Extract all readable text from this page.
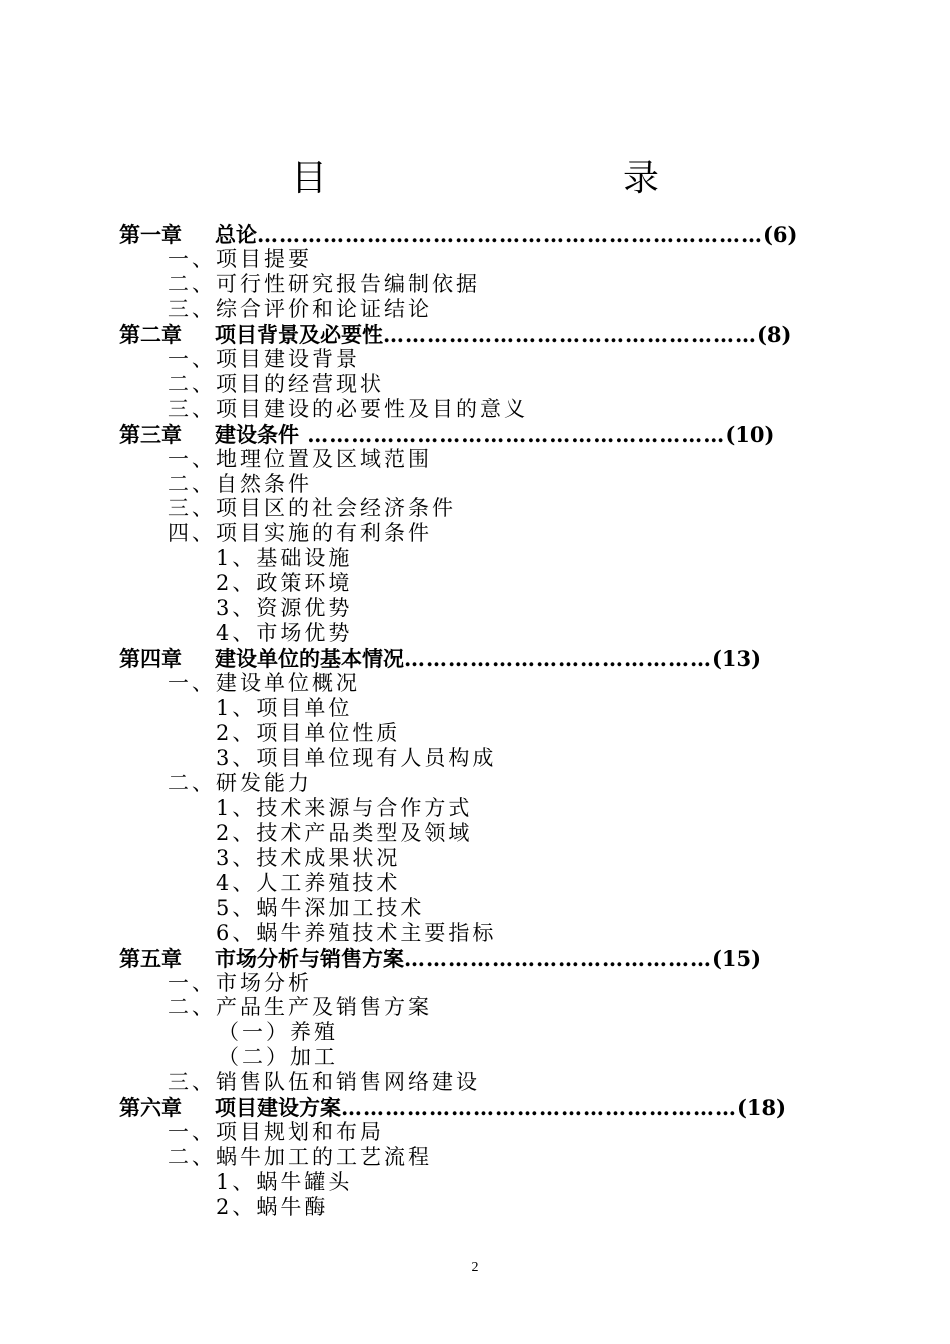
目　录
第一章 总论……………………………………………………………(6)
一、项目提要
二、可行性研究报告编制依据
三、综合评价和论证结论
第二章 项目背景及必要性……………………………………………(8)
一、项目建设背景
二、项目的经营现状
三、项目建设的必要性及目的意义
第三章 建设条件 …………………………………………………(10)
一、地理位置及区域范围
二、自然条件
三、项目区的社会经济条件
四、项目实施的有利条件
1、基础设施
2、政策环境
3、资源优势
4、市场优势
第四章 建设单位的基本情况……………………………………(13)
一、建设单位概况
1、项目单位
2、项目单位性质
3、项目单位现有人员构成
二、研发能力
1、技术来源与合作方式
2、技术产品类型及领域
3、技术成果状况
4、人工养殖技术
5、蜗牛深加工技术
6、蜗牛养殖技术主要指标
第五章 市场分析与销售方案……………………………………(15)
一、市场分析
二、产品生产及销售方案
（一）养殖
（二）加工
三、销售队伍和销售网络建设
第六章 项目建设方案………………………………………………(18)
一、项目规划和布局
二、蜗牛加工的工艺流程
1、蜗牛罐头
2、蜗牛酶
2
